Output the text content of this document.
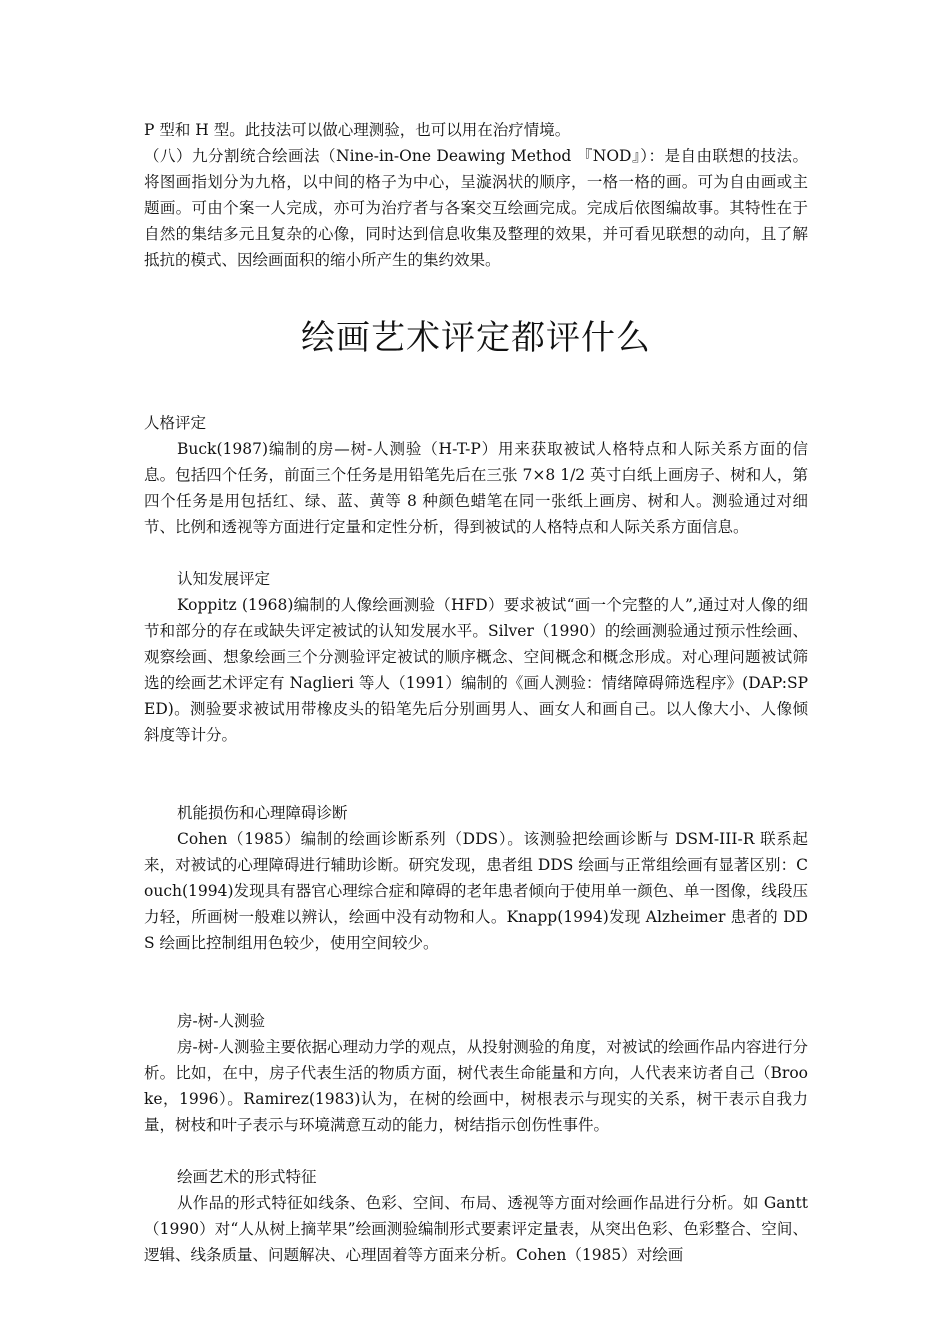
P 型和 H 型。此技法可以做心理测验，也可以用在治疗情境。

（八）九分割统合绘画法（Nine-in-One Deawing Method 『NOD』）：是自由联想的技法。将图画指划分为九格，以中间的格子为中心，呈漩涡状的顺序，一格一格的画。可为自由画或主题画。可由个案一人完成，亦可为治疗者与各案交互绘画完成。完成后依图编故事。其特性在于自然的集结多元且复杂的心像，同时达到信息收集及整理的效果，并可看见联想的动向，且了解抵抗的模式、因绘画面积的缩小所产生的集约效果。

绘画艺术评定都评什么
人格评定

Buck(1987)编制的房—树-人测验（H-T-P）用来获取被试人格特点和人际关系方面的信息。包括四个任务，前面三个任务是用铅笔先后在三张 7×8 1/2 英寸白纸上画房子、树和人，第四个任务是用包括红、绿、蓝、黄等 8 种颜色蜡笔在同一张纸上画房、树和人。测验通过对细节、比例和透视等方面进行定量和定性分析，得到被试的人格特点和人际关系方面信息。

认知发展评定

Koppitz (1968)编制的人像绘画测验（HFD）要求被试“画一个完整的人”,通过对人像的细节和部分的存在或缺失评定被试的认知发展水平。Silver（1990）的绘画测验通过预示性绘画、观察绘画、想象绘画三个分测验评定被试的顺序概念、空间概念和概念形成。对心理问题被试筛选的绘画艺术评定有 Naglieri 等人（1991）编制的《画人测验：情绪障碍筛选程序》(DAP:SPED)。测验要求被试用带橡皮头的铅笔先后分别画男人、画女人和画自己。以人像大小、人像倾斜度等计分。

机能损伤和心理障碍诊断

Cohen（1985）编制的绘画诊断系列（DDS）。该测验把绘画诊断与 DSM-III-R 联系起来，对被试的心理障碍进行辅助诊断。研究发现，患者组 DDS 绘画与正常组绘画有显著区别：Couch(1994)发现具有器官心理综合症和障碍的老年患者倾向于使用单一颜色、单一图像，线段压力轻，所画树一般难以辨认，绘画中没有动物和人。Knapp(1994)发现 Alzheimer 患者的 DDS 绘画比控制组用色较少，使用空间较少。

房-树-人测验

房-树-人测验主要依据心理动力学的观点，从投射测验的角度，对被试的绘画作品内容进行分析。比如，在中，房子代表生活的物质方面，树代表生命能量和方向，人代表来访者自己（Brooke，1996）。Ramirez(1983)认为，在树的绘画中，树根表示与现实的关系，树干表示自我力量，树枝和叶子表示与环境满意互动的能力，树结指示创伤性事件。

绘画艺术的形式特征

从作品的形式特征如线条、色彩、空间、布局、透视等方面对绘画作品进行分析。如 Gantt（1990）对“人从树上摘苹果”绘画测验编制形式要素评定量表，从突出色彩、色彩整合、空间、逻辑、线条质量、问题解决、心理固着等方面来分析。Cohen（1985）对绘画
